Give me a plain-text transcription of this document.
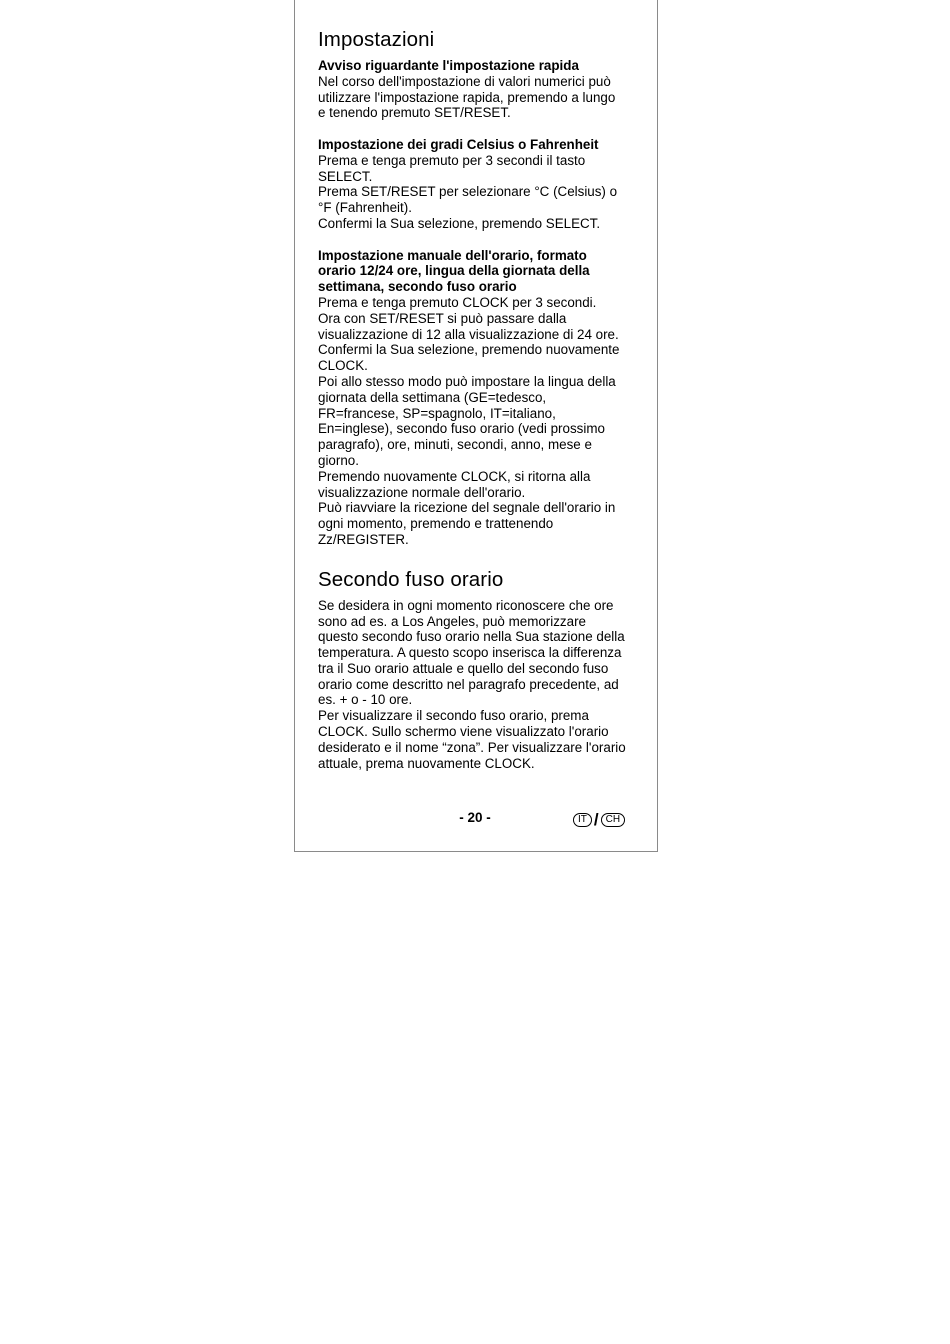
Impostazioni

Avviso riguardante l'impostazione rapida

Nel corso dell'impostazione di valori numerici può

utilizzare l'impostazione rapida, premendo a lungo

e tenendo premuto SET/RESET.

Impostazione dei gradi Celsius o Fahrenheit

Prema e tenga premuto per 3 secondi il tasto

SELECT.

Prema SET/RESET per selezionare °C (Celsius) o

°F (Fahrenheit).

Confermi la Sua selezione, premendo SELECT.

Impostazione manuale dell'orario, formato

orario 12/24 ore, lingua della giornata della

settimana, secondo fuso orario

Prema e tenga premuto CLOCK per 3 secondi.

Ora con SET/RESET si può passare dalla

visualizzazione di 12 alla visualizzazione di 24 ore.

Confermi la Sua selezione, premendo nuovamente

CLOCK.

Poi allo stesso modo può impostare la lingua della

giornata della settimana (GE=tedesco,

FR=francese, SP=spagnolo, IT=italiano,

En=inglese), secondo fuso orario (vedi prossimo

paragrafo), ore, minuti, secondi, anno, mese e

giorno.

Premendo nuovamente CLOCK, si ritorna alla

visualizzazione normale dell'orario.

Può riavviare la ricezione del segnale dell'orario in

ogni momento, premendo e trattenendo

Zz/REGISTER.

Secondo fuso orario

Se desidera in ogni momento riconoscere che ore

sono ad es. a Los Angeles, può memorizzare

questo secondo fuso orario nella Sua stazione della

temperatura. A questo scopo inserisca la differenza

tra il Suo orario attuale e quello del secondo fuso

orario come descritto nel paragrafo precedente, ad

es. + o - 10 ore.

Per visualizzare il secondo fuso orario, prema

CLOCK. Sullo schermo viene visualizzato l'orario

desiderato e il nome “zona”. Per visualizzare l'orario

attuale, prema nuovamente CLOCK.

- 20 -	IT / CH
